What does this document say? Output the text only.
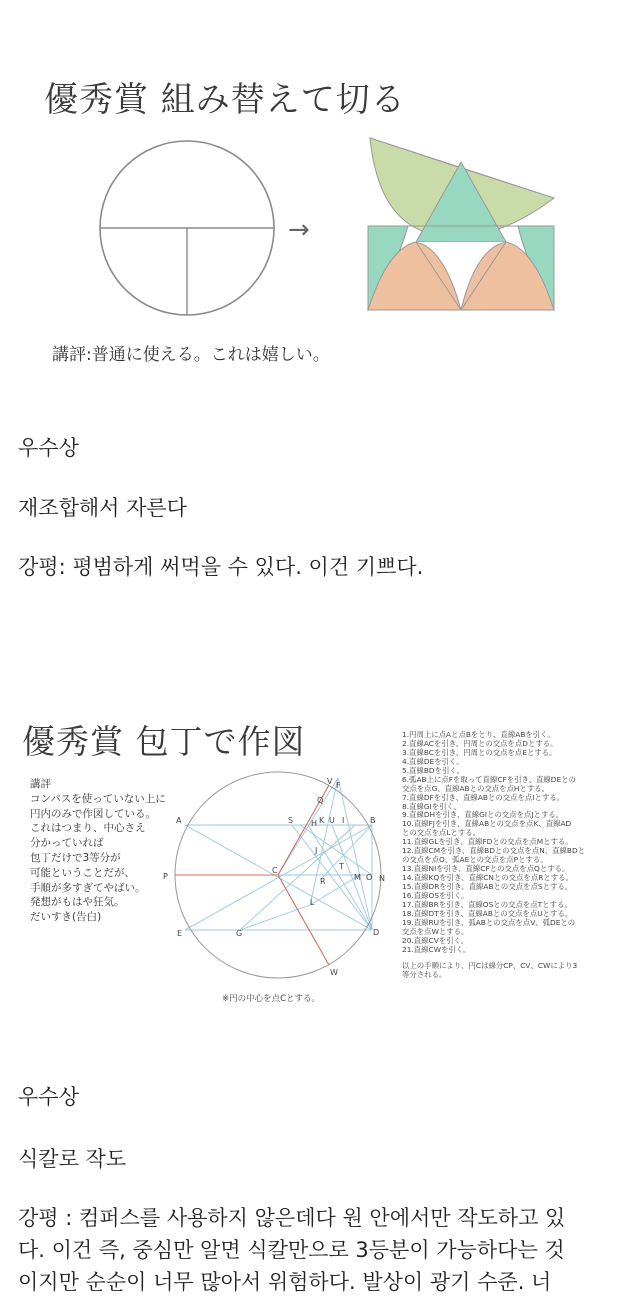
優秀賞 組み替えて切る
→
講評:普通に使える。これは嬉しい。
우수상
재조합해서 자른다
강평: 평범하게 써먹을 수 있다. 이건 기쁘다.
優秀賞 包丁で作図
講評
コンパスを使っていない上に
円内のみで作図している。
これはつまり、中心さえ
分かっていれば
包丁だけで3等分が
可能ということだが、
手順が多すぎてやばい。
発想がもはや狂気。
だいすき(告白)
A	B
C
D
E
F
G
H	I
J
K
L
M N
O
P
Q
R
S
T
U
V
W
※円の中心を点Cとする。
1.円周上に点Aと点Bをとり、直線ABを引く。
2.直線ACを引き、円周との交点を点Dとする。
3.直線BCを引き、円周との交点を点Eとする。
4.直線DEを引く。
5.直線BDを引く。
6.弧AB上に点Fを取って直線CFを引き、直線DEとの
交点を点G、直線ABとの交点を点Hとする。
7.直線DFを引き、直線ABとの交点を点Iとする。
8.直線GIを引く。
9.直線DHを引き、直線GIとの交点を点Jとする。
10.直線FJを引き、直線ABとの交点を点K、直線AD
との交点を点Lとする。
11.直線GLを引き、直線FDとの交点を点Mとする。
12.直線CMを引き、直線BDとの交点を点N、直線BDと
の交点を点O、弧AEとの交点を点Pとする。
13.直線NIを引き、直線CFとの交点を点Qとする。
14.直線KQを引き、直線CNとの交点を点Rとする。
15.直線DRを引き、直線ABとの交点を点Sとする。
16.直線OSを引く。
17.直線BRを引き、直線OSとの交点を点Tとする。
18.直線DTを引き、直線ABとの交点を点Uとする。
19.直線RUを引き、弧ABとの交点を点V、弧DEとの
交点を点Wとする。
20.直線CVを引く。
21.直線CWを引く。
以上の手順により、円Cは線分CP、CV、CWにより3
等分される。
우수상
식칼로 작도
강평 : 컴퍼스를 사용하지 않은데다 원 안에서만 작도하고 있
다. 이건 즉, 중심만 알면 식칼만으로 3등분이 가능하다는 것
이지만 순순이 너무 많아서 위험하다. 발상이 광기 수준. 너
